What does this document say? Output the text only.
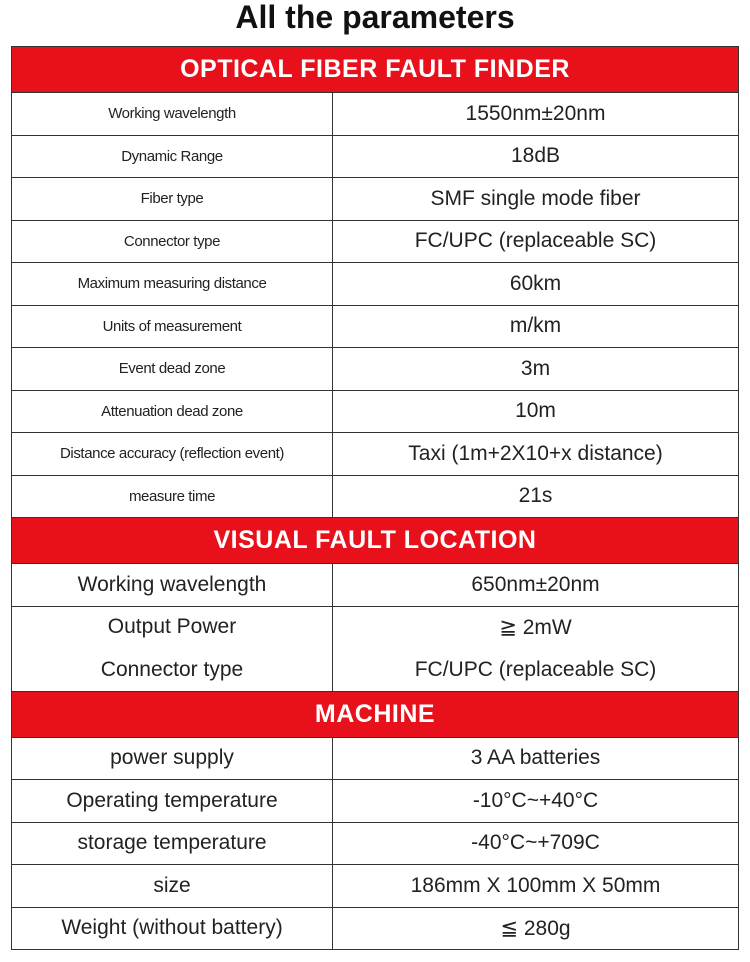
All the parameters
OPTICAL FIBER FAULT FINDER	
Working wavelength	1550nm±20nm
Dynamic Range	18dB
Fiber type	SMF single mode fiber
Connector type	FC/UPC (replaceable SC)
Maximum measuring distance	60km
Units of measurement	m/km
Event dead zone	3m
Attenuation dead zone	10m
Distance accuracy (reflection event)	Taxi (1m+2X10+x distance)
measure time	21s
VISUAL FAULT LOCATION	
Working wavelength	650nm±20nm
Output Power	≧ 2mW
Connector type	FC/UPC (replaceable SC)
MACHINE	
power supply	3 AA batteries
Operating temperature	-10°C~+40°C
storage temperature	-40°C~+709C
size	186mm X 100mm X 50mm
Weight (without battery)	≦ 280g
